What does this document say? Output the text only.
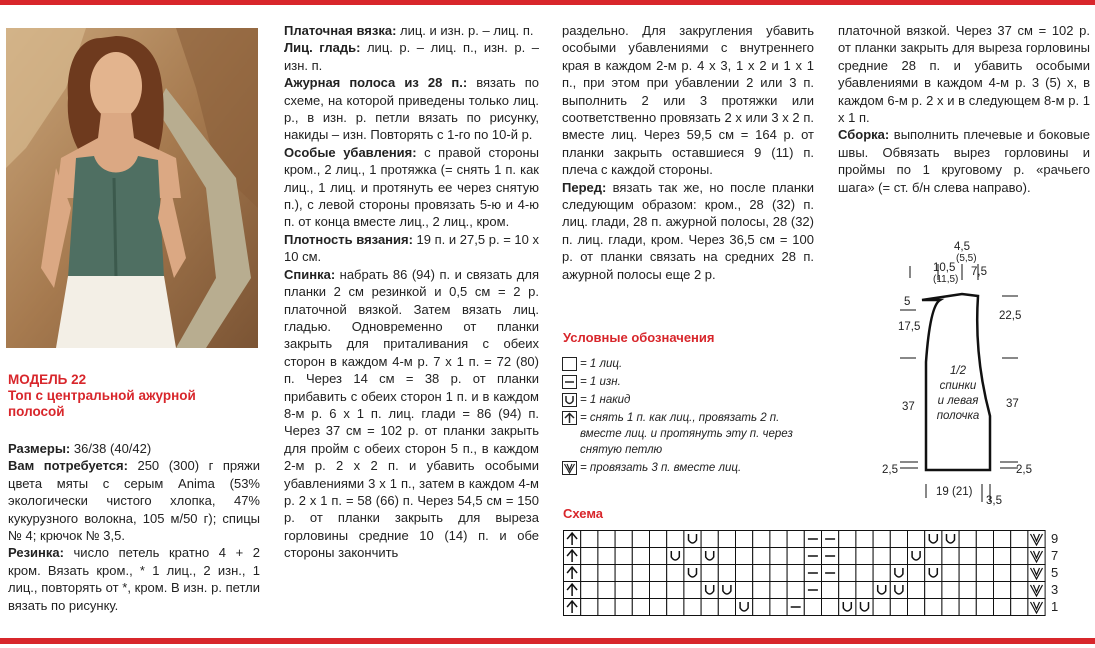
МОДЕЛЬ 22
Топ с центральной ажурной
полосой

Размеры: 36/38 (40/42)

Вам потребуется: 250 (300) г пряжи цвета мяты с серым Anima (53% экологически чистого хлопка, 47% кукурузного волокна, 105 м/50 г); спицы № 4; крючок № 3,5.

Резинка: число петель кратно 4 + 2 кром. Вязать кром., * 1 лиц., 2 изн., 1 лиц., повторять от *, кром. В изн. р. петли вязать по рисунку.

Платочная вязка: лиц. и изн. р. – лиц. п.

Лиц. гладь: лиц. р. – лиц. п., изн. р. – изн. п.

Ажурная полоса из 28 п.: вязать по схеме, на которой приведены только лиц. р., в изн. р. петли вязать по рисунку, накиды – изн. Повторять с 1-го по 10-й р.

Особые убавления: с правой стороны кром., 2 лиц., 1 протяжка (= снять 1 п. как лиц., 1 лиц. и протянуть ее через снятую п.), с левой стороны провязать 5-ю и 4-ю п. от конца вместе лиц., 2 лиц., кром.

Плотность вязания: 19 п. и 27,5 р. = 10 х 10 см.

Спинка: набрать 86 (94) п. и связать для планки 2 см резинкой и 0,5 см = 2 р. платочной вязкой. Затем вязать лиц. гладью. Одновременно от планки закрыть для приталивания с обеих сторон в каждом 4-м р. 7 х 1 п. = 72 (80) п. Через 14 см = 38 р. от планки прибавить с обеих сторон 1 п. и в каждом 8-м р. 6 х 1 п. лиц. глади = 86 (94) п. Через 37 см = 102 р. от планки закрыть для пройм с обеих сторон 5 п., в каждом 2-м р. 2 х 2 п. и убавить особыми убавлениями 3 х 1 п., затем в каждом 4-м р. 2 х 1 п. = 58 (66) п. Через 54,5 см = 150 р. от планки закрыть для выреза горловины средние 10 (14) п. и обе стороны закончить

раздельно. Для закругления убавить особыми убавлениями с внутреннего края в каждом 2-м р. 4 х 3, 1 х 2 и 1 х 1 п., при этом при убавлении 2 или 3 п. выполнить 2 или 3 протяжки или соответственно провязать 2 х или 3 х 2 п. вместе лиц. Через 59,5 см = 164 р. от планки закрыть оставшиеся 9 (11) п. плеча с каждой стороны.

Перед: вязать так же, но после планки следующим образом: кром., 28 (32) п. лиц. глади, 28 п. ажурной полосы, 28 (32) п. лиц. глади, кром. Через 36,5 см = 100 р. от планки связать на средних 28 п. ажурной полосы еще 2 р.

платочной вязкой. Через 37 см = 102 р. от планки закрыть для выреза горловины средние 28 п. и убавить особыми убавлениями в каждом 4-м р. 3 (5) х, в каждом 6-м р. 2 х и в следующем 8-м р. 1 х 1 п.

Сборка: выполнить плечевые и боковые швы. Обвязать вырез горловины и проймы по 1 круговому р. «рачьего шага» (= ст. б/н слева направо).

Условные обозначения
= 1 лиц.
= 1 изн.
= 1 накид
= снять 1 п. как лиц., провязать 2 п. вместе лиц. и протянуть эту п. через снятую петлю
= провязать 3 п. вместе лиц.
Схема
9
7
5
3
1
4,5
(5,5)
10,5
(11,5)
7,5
5
17,5
22,5
1/2
спинки
и левая
полочка
37	37
2,5	2,5
19 (21)
3,5
